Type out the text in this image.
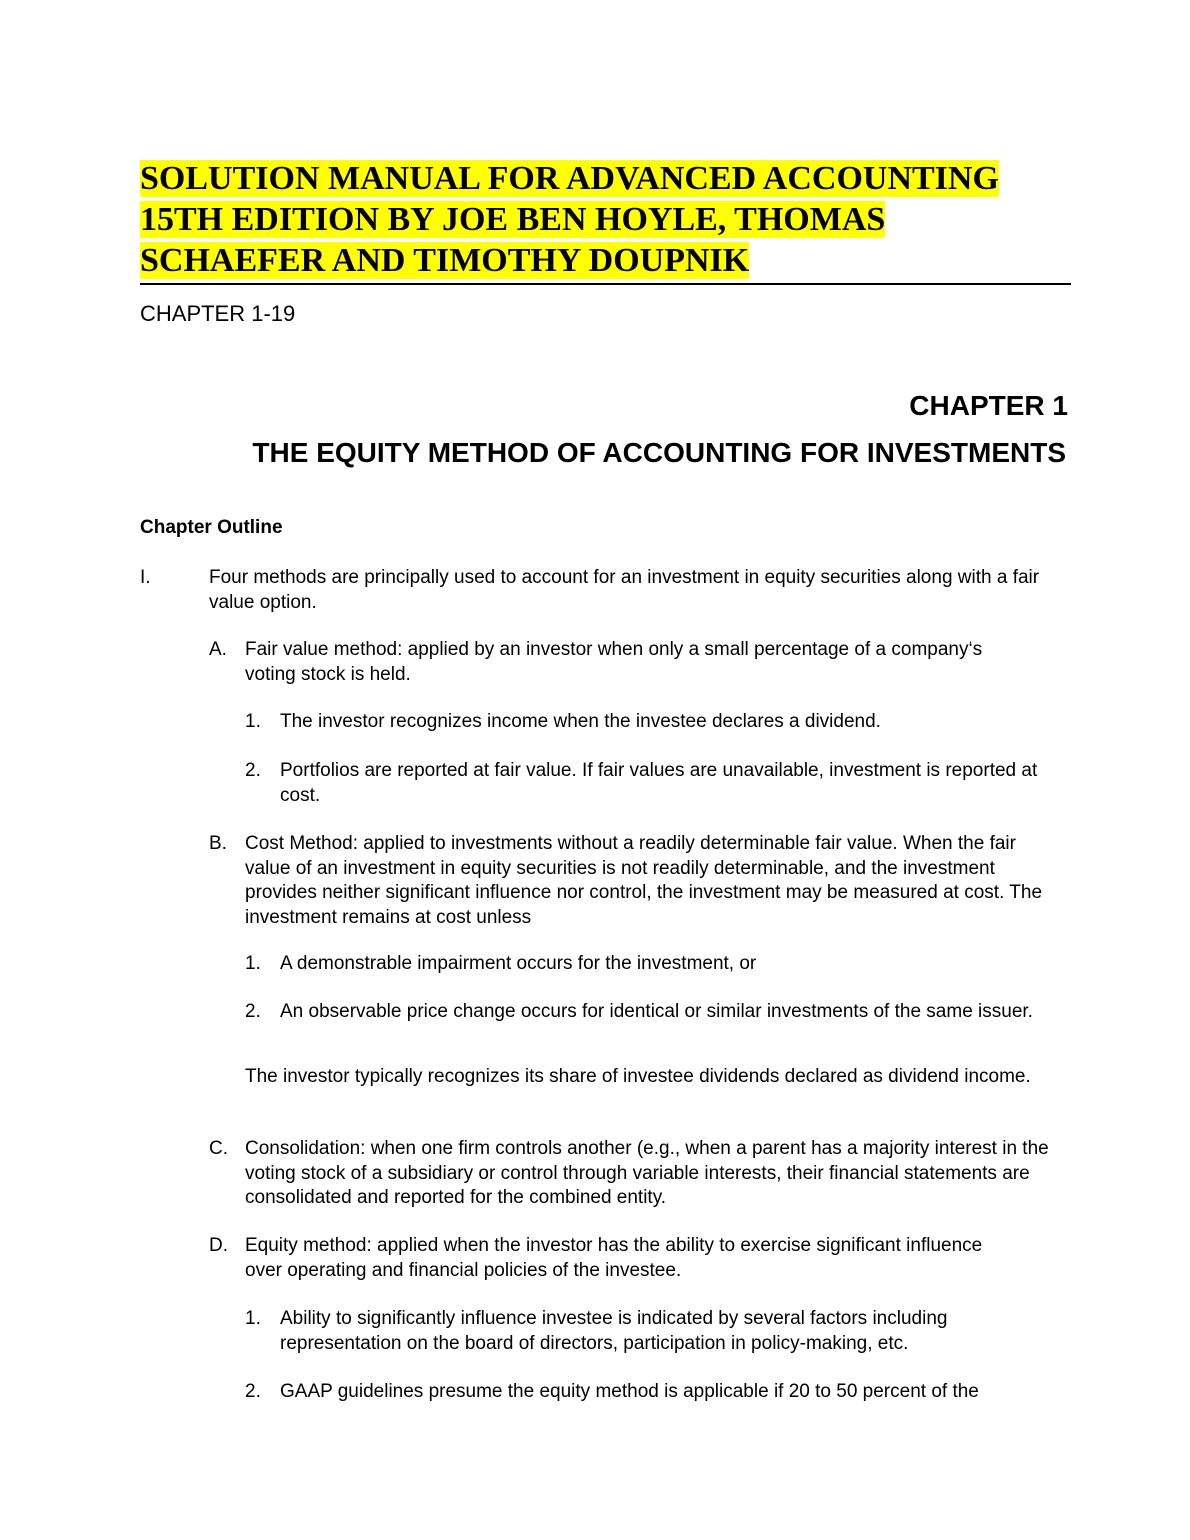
SOLUTION MANUAL FOR ADVANCED ACCOUNTING
15TH EDITION BY JOE BEN HOYLE, THOMAS
SCHAEFER AND TIMOTHY DOUPNIK
CHAPTER 1-19
CHAPTER 1
THE EQUITY METHOD OF ACCOUNTING FOR INVESTMENTS
Chapter Outline
I.	Four methods are principally used to account for an investment in equity securities along with a fair value option.
A. Fair value method: applied by an investor when only a small percentage of a company‘s voting stock is held.
1. The investor recognizes income when the investee declares a dividend.
2. Portfolios are reported at fair value. If fair values are unavailable, investment is reported at cost.
B. Cost Method: applied to investments without a readily determinable fair value. When the fair value of an investment in equity securities is not readily determinable, and the investment provides neither significant influence nor control, the investment may be measured at cost. The investment remains at cost unless
1. A demonstrable impairment occurs for the investment, or
2. An observable price change occurs for identical or similar investments of the same issuer.
The investor typically recognizes its share of investee dividends declared as dividend income.
C. Consolidation: when one firm controls another (e.g., when a parent has a majority interest in the voting stock of a subsidiary or control through variable interests, their financial statements are consolidated and reported for the combined entity.
D. Equity method: applied when the investor has the ability to exercise significant influence over operating and financial policies of the investee.
1. Ability to significantly influence investee is indicated by several factors including representation on the board of directors, participation in policy-making, etc.
2. GAAP guidelines presume the equity method is applicable if 20 to 50 percent of the
